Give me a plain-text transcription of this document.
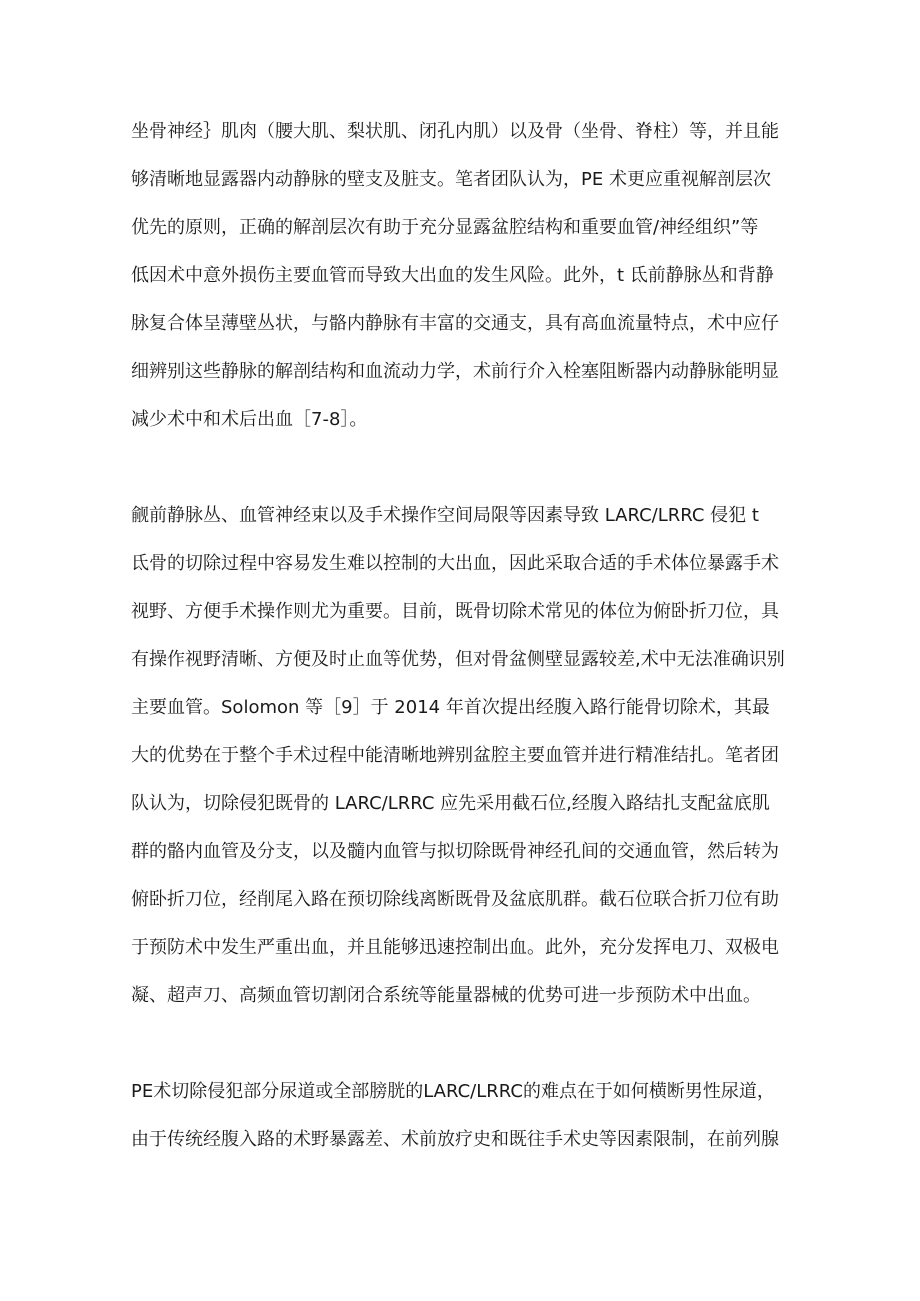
坐骨神经｝肌肉（腰大肌、梨状肌、闭孔内肌）以及骨（坐骨、脊柱）等，并且能
够清晰地显露器内动静脉的壁支及脏支。笔者团队认为，PE 术更应重视解剖层次
优先的原则，正确的解剖层次有助于充分显露盆腔结构和重要血管/神经组织”等
低因术中意外损伤主要血管而导致大出血的发生风险。此外，t 氐前静脉丛和背静
脉复合体呈薄壁丛状，与骼内静脉有丰富的交通支，具有高血流量特点，术中应仔
细辨别这些静脉的解剖结构和血流动力学，术前行介入栓塞阻断器内动静脉能明显
减少术中和术后出血［7-8］。
觎前静脉丛、血管神经束以及手术操作空间局限等因素导致 LARC/LRRC 侵犯 t
氐骨的切除过程中容易发生难以控制的大出血，因此采取合适的手术体位暴露手术
视野、方便手术操作则尤为重要。目前，既骨切除术常见的体位为俯卧折刀位，具
有操作视野清晰、方便及时止血等优势，但对骨盆侧壁显露较差,术中无法准确识别
主要血管。Solomon 等［9］于 2014 年首次提出经腹入路行能骨切除术，其最
大的优势在于整个手术过程中能清晰地辨别盆腔主要血管并进行精准结扎。笔者团
队认为，切除侵犯既骨的 LARC/LRRC 应先采用截石位,经腹入路结扎支配盆底肌
群的骼内血管及分支，以及髓内血管与拟切除既骨神经孔间的交通血管，然后转为
俯卧折刀位，经削尾入路在预切除线离断既骨及盆底肌群。截石位联合折刀位有助
于预防术中发生严重出血，并且能够迅速控制出血。此外，充分发挥电刀、双极电
凝、超声刀、高频血管切割闭合系统等能量器械的优势可进一步预防术中出血。
PE术切除侵犯部分尿道或全部膀胱的LARC/LRRC的难点在于如何横断男性尿道，
由于传统经腹入路的术野暴露差、术前放疗史和既往手术史等因素限制，在前列腺
